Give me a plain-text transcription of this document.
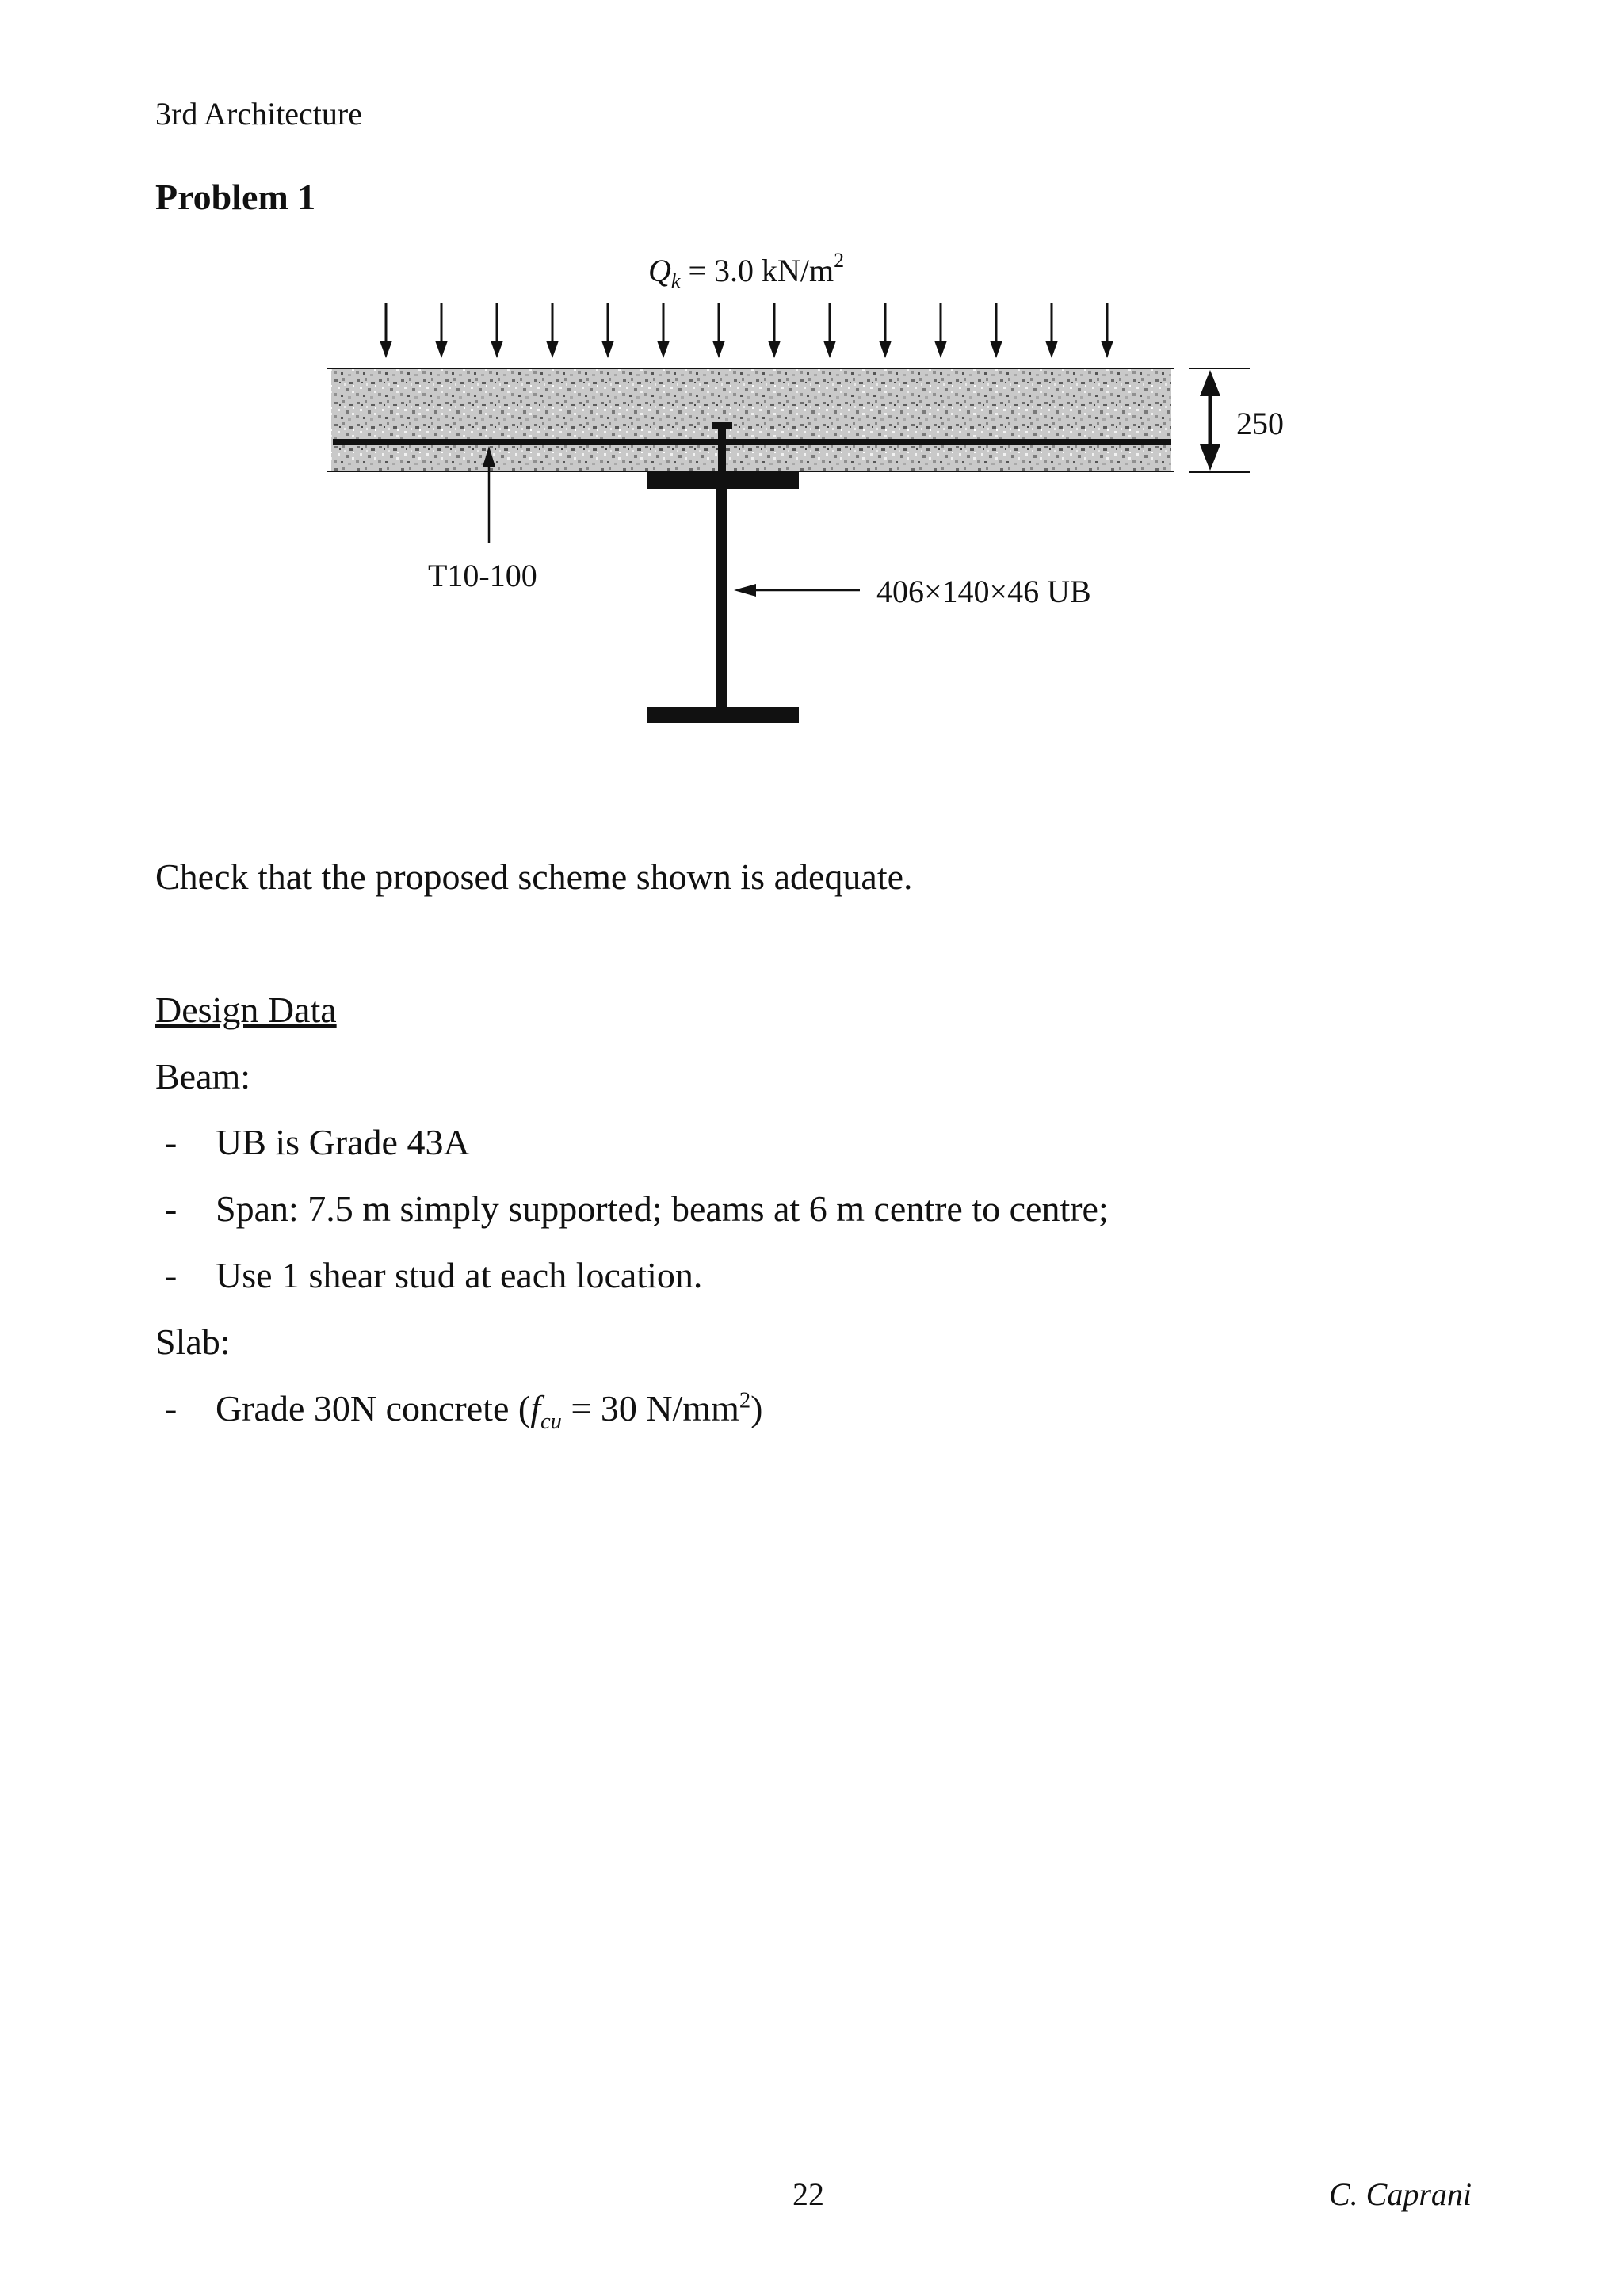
3rd Architecture
Problem 1
$Q_k = 3.0$ $kN/m^2$
250
T10-100	406×140×46 UB
Check that the proposed scheme shown is adequate.
Design Data
Beam:
- UB is Grade 43A
- Span: 7.5 m simply supported; beams at 6 m centre to centre;
- Use 1 shear stud at each location.
Slab:
- Grade 30N concrete ($f_{cu} = 30$ $N/mm^2$)
22	C. Caprani
